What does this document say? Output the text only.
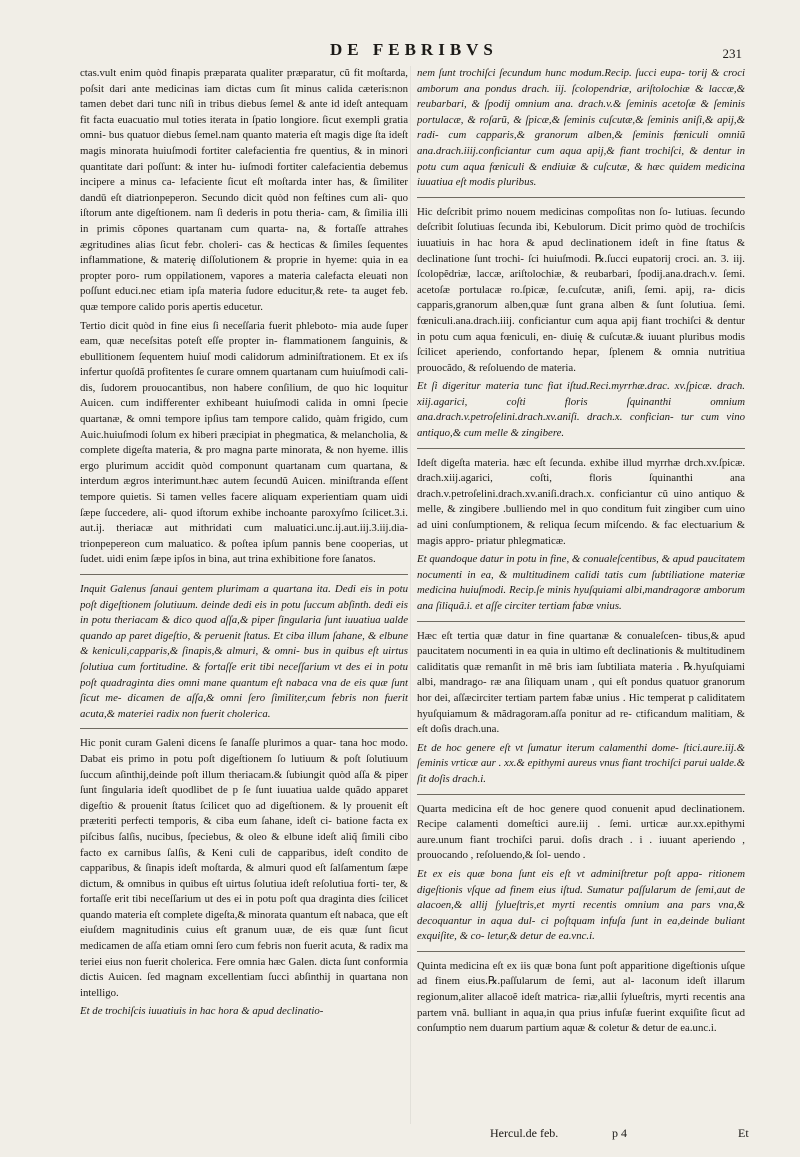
DE FEBRIBVS	231

ctas.vult enim quòd finapis præparata qualiter præparatur, cũ fit moſtarda, poſsit dari ante medicinas iam dictas cum ſit minus calida cæteris:non tamen debet dari tunc niſi in tribus diebus ſemel & ante id ideſt antequam fit facta euacuatio mul toties iterata in ſpatio longiore. ſicut exempli gratia omni- bus quatuor diebus ſemel.nam quanto materia eſt magis dige ſta ideſt magis minorata huiuſmodi fortiter calefacientia fre quentius, & in minori quantitate dari poſſunt: & inter hu- iuſmodi fortiter calefacientia debemus incipere a minus ca- lefaciente ſicut eſt moſtarda inter has, & ſimiliter dandū eſt diatrionpeperon. Secundo dicit quòd non feſtines cum ali- quo iſtorum ante digeſtionem. nam ſi dederis in potu theria- cam, & ſimilia illi in primis cõpones quartanam cum quarta- na, & fortaſſe attrahes ægritudines alias ſicut febr. choleri- cas & hecticas & ſimiles ſequentes inflammatione, & materię diſſolutionem & proprie in hyeme: quia in ea propter poro- rum oppilationem, vapores a materia calefacta eleuati non poſſunt educi.nec etiam ipſa materia ſudore educitur,& rete- ta auget feb. quæ tempore calido poris apertis educetur.

Tertio dicit quòd in fine eius ſi neceſſaria fuerit phleboto- mia aude ſuper eam, quæ neceſsitas poteſt eſſe propter in- flammationem ſanguinis, & ebullitionem ſequentem huiuſ modi calidorum adminiſtrationem. Et ex iſs infertur quoſdã profitentes ſe curare omnem quartanam cum huiuſmodi cali- dis, ſudorem prouocantibus, non habere conſilium, de quo hic loquitur Auicen. cum indifferenter exhibeant huiuſmodi calida in omni ſpecie quartanæ, & omni tempore ipſius tam tempore calido, quàm frigido, cum Auic.huiuſmodi ſolum ex hiberi præcipiat in phegmatica, & melancholia, & complete digeſta materia, & pro magna parte minorata, & non hyeme. illis ergo plurimum accidit quòd componunt quartanam cum quartana, & interdum ægros interimunt.hæc autem ſecundũ Auicen. miniſtranda eſſent tempore quietis. Si tamen velles facere aliquam experientiam quam uidi ſæpe ſuccedere, ali- quod iſtorum exhibe inchoante paroxyſmo ſcilicet.3.i. aut.ij. theriacæ aut mithridati cum maluatici.unc.ij.aut.iij.3.iij.dia- trionpepereon cum maluatico. & poſtea ipſum pannis bene cooperias, ut ſudet. uidi enim ſæpe ipſos in bina, aut trina exhibitione fore ſanatos.

Inquit Galenus ſanaui gentem plurimam a quartana ita. Dedi eis in potu poſt digeſtionem ſolutiuum. deinde dedi eis in potu ſuccum abſinth. dedi eis in potu theriacam & dico quod aſſa,& piper ſingularia ſunt iuuatiua ualde quando ap paret digeſtio, & peruenit ſtatus. Et ciba illum ſahane, & elbune & keniculi,capparis,& ſinapis,& almuri, & omni- bus in quibus eſt uirtus ſolutiua cum fortitudine. & fortaſſe erit tibi neceſſarium vt des ei in potu poſt quadraginta dies omni mane quantum eſt nabaca vna de eis quæ ſunt ſicut me- dicamen de aſſa,& omni ſero ſimiliter,cum febris non fuerit acuta,& materiei radix non fuerit cholerica.

Hic ponit curam Galeni dicens ſe ſanaſſe plurimos a quar- tana hoc modo. Dabat eis primo in potu poſt digeſtionem ſo lutiuum & poſt ſolutiuum ſuccum aſinthij,deinde poſt illum theriacam.& ſubiungit quòd aſſa & piper ſunt ſingularia ideſt quodlibet de p ſe ſunt iuuatiua ualde quãdo apparet digeſtio & prouenit ſtatus ſcilicet quo ad digeſtionem. & ly prouenit eſt præteriti perfecti temporis, & ciba eum ſahane, ideſt ci- batione facta ex piſcibus ſalſis, nucibus, ſpeciebus, & oleo & elbune ideſt aliq̃ ſimili cibo facto ex carnibus ſalſis, & Keni culi de capparibus, ideſt condito de capparibus, & ſinapis ideſt moſtarda, & almuri quod eſt ſalſamentum ſæpe dictum, & omnibus in quibus eſt uirtus ſolutiua ideſt reſolutiua forti- ter, & fortaſſe erit tibi neceſſarium ut des ei in potu poſt qua draginta dies ſcilicet quando materia eſt complete digeſta,& minorata quantum eſt nabaca, que eſt eiuſdem magnitudinis cuius eſt granum uuæ, de eis quæ ſunt ſicut medicamen de aſſa etiam omni ſero cum febris non fuerit acuta, & radix ma teriei eius non fuerit cholerica. Fere omnia hæc Galen. dicta ſunt conformia dictis Auicen. ſed magnam excellentiam ſucci abſinthij in quartana non intelligo.

Et de trochiſcis iuuatiuis in hac hora & apud declinatio-

nem ſunt trochiſci ſecundum hunc modum.Recip. ſucci eupa- torij & croci amborum ana pondus drach. iij. ſcolopendriæ, ariſtolochiæ & laccæ,& reubarbari, & ſpodij omnium ana. drach.v.& ſeminis acetoſæ & ſeminis portulacæ, & roſarũ, & ſpicæ,& ſeminis cuſcutæ,& ſeminis aniſi,& apij,& radi- cum capparis,& granorum alben,& ſeminis fœniculi omniũ ana.drach.iiij.conficiantur cum aqua apij,& fiant trochiſci, & dentur in potu cum aqua fœniculi & endiuiæ & cuſcutæ, & hæc quidem medicina iuuatiua eſt modis pluribus.

Hic deſcribit primo nouem medicinas compoſitas non ſo- lutiuas. ſecundo deſcribit ſolutiuas ſecunda ibi, Kebulorum. Dicit primo quòd de trochiſcis iuuatiuis in hac hora & apud declinationem ideſt in fine ſtatus & declinatione ſunt trochi- ſci huiuſmodi. ℞.ſucci eupatorij croci. an. 3. iij. ſcolopẽdriæ, laccæ, ariſtolochiæ, & reubarbari, ſpodij.ana.drach.v. ſemi. acetoſæ portulacæ ro.ſpicæ, ſe.cuſcutæ, aniſi, ſemi. apij, ra- dicis capparis,granorum alben,quæ ſunt grana alben & ſunt ſolutiua. ſemi. fœniculi.ana.drach.iiij. conficiantur cum aqua apij fiant trochiſci & dentur in potu cum aqua fœniculi, en- diuię & cuſcutæ.& iuuant pluribus modis ſcilicet aperiendo, confortando hepar, ſplenem & omnia nutritiua prouocãdo, & reſoluendo de materia.

Et ſi digeritur materia tunc fiat iſtud.Reci.myrrhæ.drac. xv.ſpicæ. drach. xiij.agarici, coſti floris ſquinanthi omnium ana.drach.v.petroſelini.drach.xv.aniſi. drach.x. confician- tur cum vino antiquo,& cum melle & zingibere.

Ideſt digeſta materia. hæc eſt ſecunda. exhibe illud myrrhæ drch.xv.ſpicæ. drach.xiij.agarici, coſti, floris ſquinanthi ana drach.v.petroſelini.drach.xv.aniſi.drach.x. conficiantur cũ uino antiquo & melle, & zingibere .bulliendo mel in quo conditum fuit zingiber cum uino ad uini conſumptionem, & reliqua ſecum miſcendo. & fac electuarium & magis appro- priatur phlegmaticæ.

Et quandoque datur in potu in fine, & conualeſcentibus, & apud paucitatem nocumenti in ea, & multitudinem calidi tatis cum ſubtiliatione materiæ medicina huiuſmodi. Recip.ſe minis hyuſquiami albi,mandragoræ amborum ana ſiliquã.i. et aſſe circiter tertiam fabæ vnius.

Hæc eſt tertia quæ datur in fine quartanæ & conualeſcen- tibus,& apud paucitatem nocumenti in ea quia in ultimo eſt declinationis & multitudinem caliditatis quæ remanſit in mẽ bris iam ſubtiliata materia . ℞.hyuſquiami albi, mandrago- ræ ana ſiliquam unam , qui eſt pondus quatuor granorum hor dei, aſſæcirciter tertiam partem fabæ unius . Hic temperat p caliditatem hyuſquiamum & mãdragoram.aſſa ponitur ad re- ctificandum malitiam, & eſt doſis drach.una.

Et de hoc genere eſt vt ſumatur iterum calamenthi dome- ſtici.aure.iij.& ſeminis vrticæ aur . xx.& epithymi aureus vnus fiant trochiſci parui ualde.& ſit doſis drach.i.

Quarta medicina eſt de hoc genere quod conuenit apud declinationem. Recipe calamenti domeſtici aure.iij . ſemi. urticæ aur.xx.epithymi aure.unum fiant trochiſci parui. doſis drach . i . iuuant aperiendo , prouocando , reſoluendo,& ſol- uendo .

Et ex eis quæ bona ſunt eis eſt vt adminiſtretur poſt appa- ritionem digeſtionis vſque ad finem eius iſtud. Sumatur paſſularum de ſemi,aut de alacoen,& allij ſylueſtris,et myrti recentis omnium ana pars vna,& decoquantur in aqua dul- ci poſtquam infuſa ſunt in ea,deinde buliant exquiſite, & co- letur,& detur de ea.vnc.i.

Quinta medicina eſt ex iis quæ bona ſunt poſt apparitione digeſtionis uſque ad finem eius.℞.paſſularum de ſemi, aut al- laconum ideſt illarum regionum,aliter allacoẽ ideſt matrica- riæ,allii ſylueſtris, myrti recentis ana partem vnã. bulliant in aqua,in qua prius infuſæ fuerint exquiſite ſicut ad conſumptio nem duarum partium aquæ & coletur & detur de ea.unc.i.

Hercul.de feb.	p 4	Et
